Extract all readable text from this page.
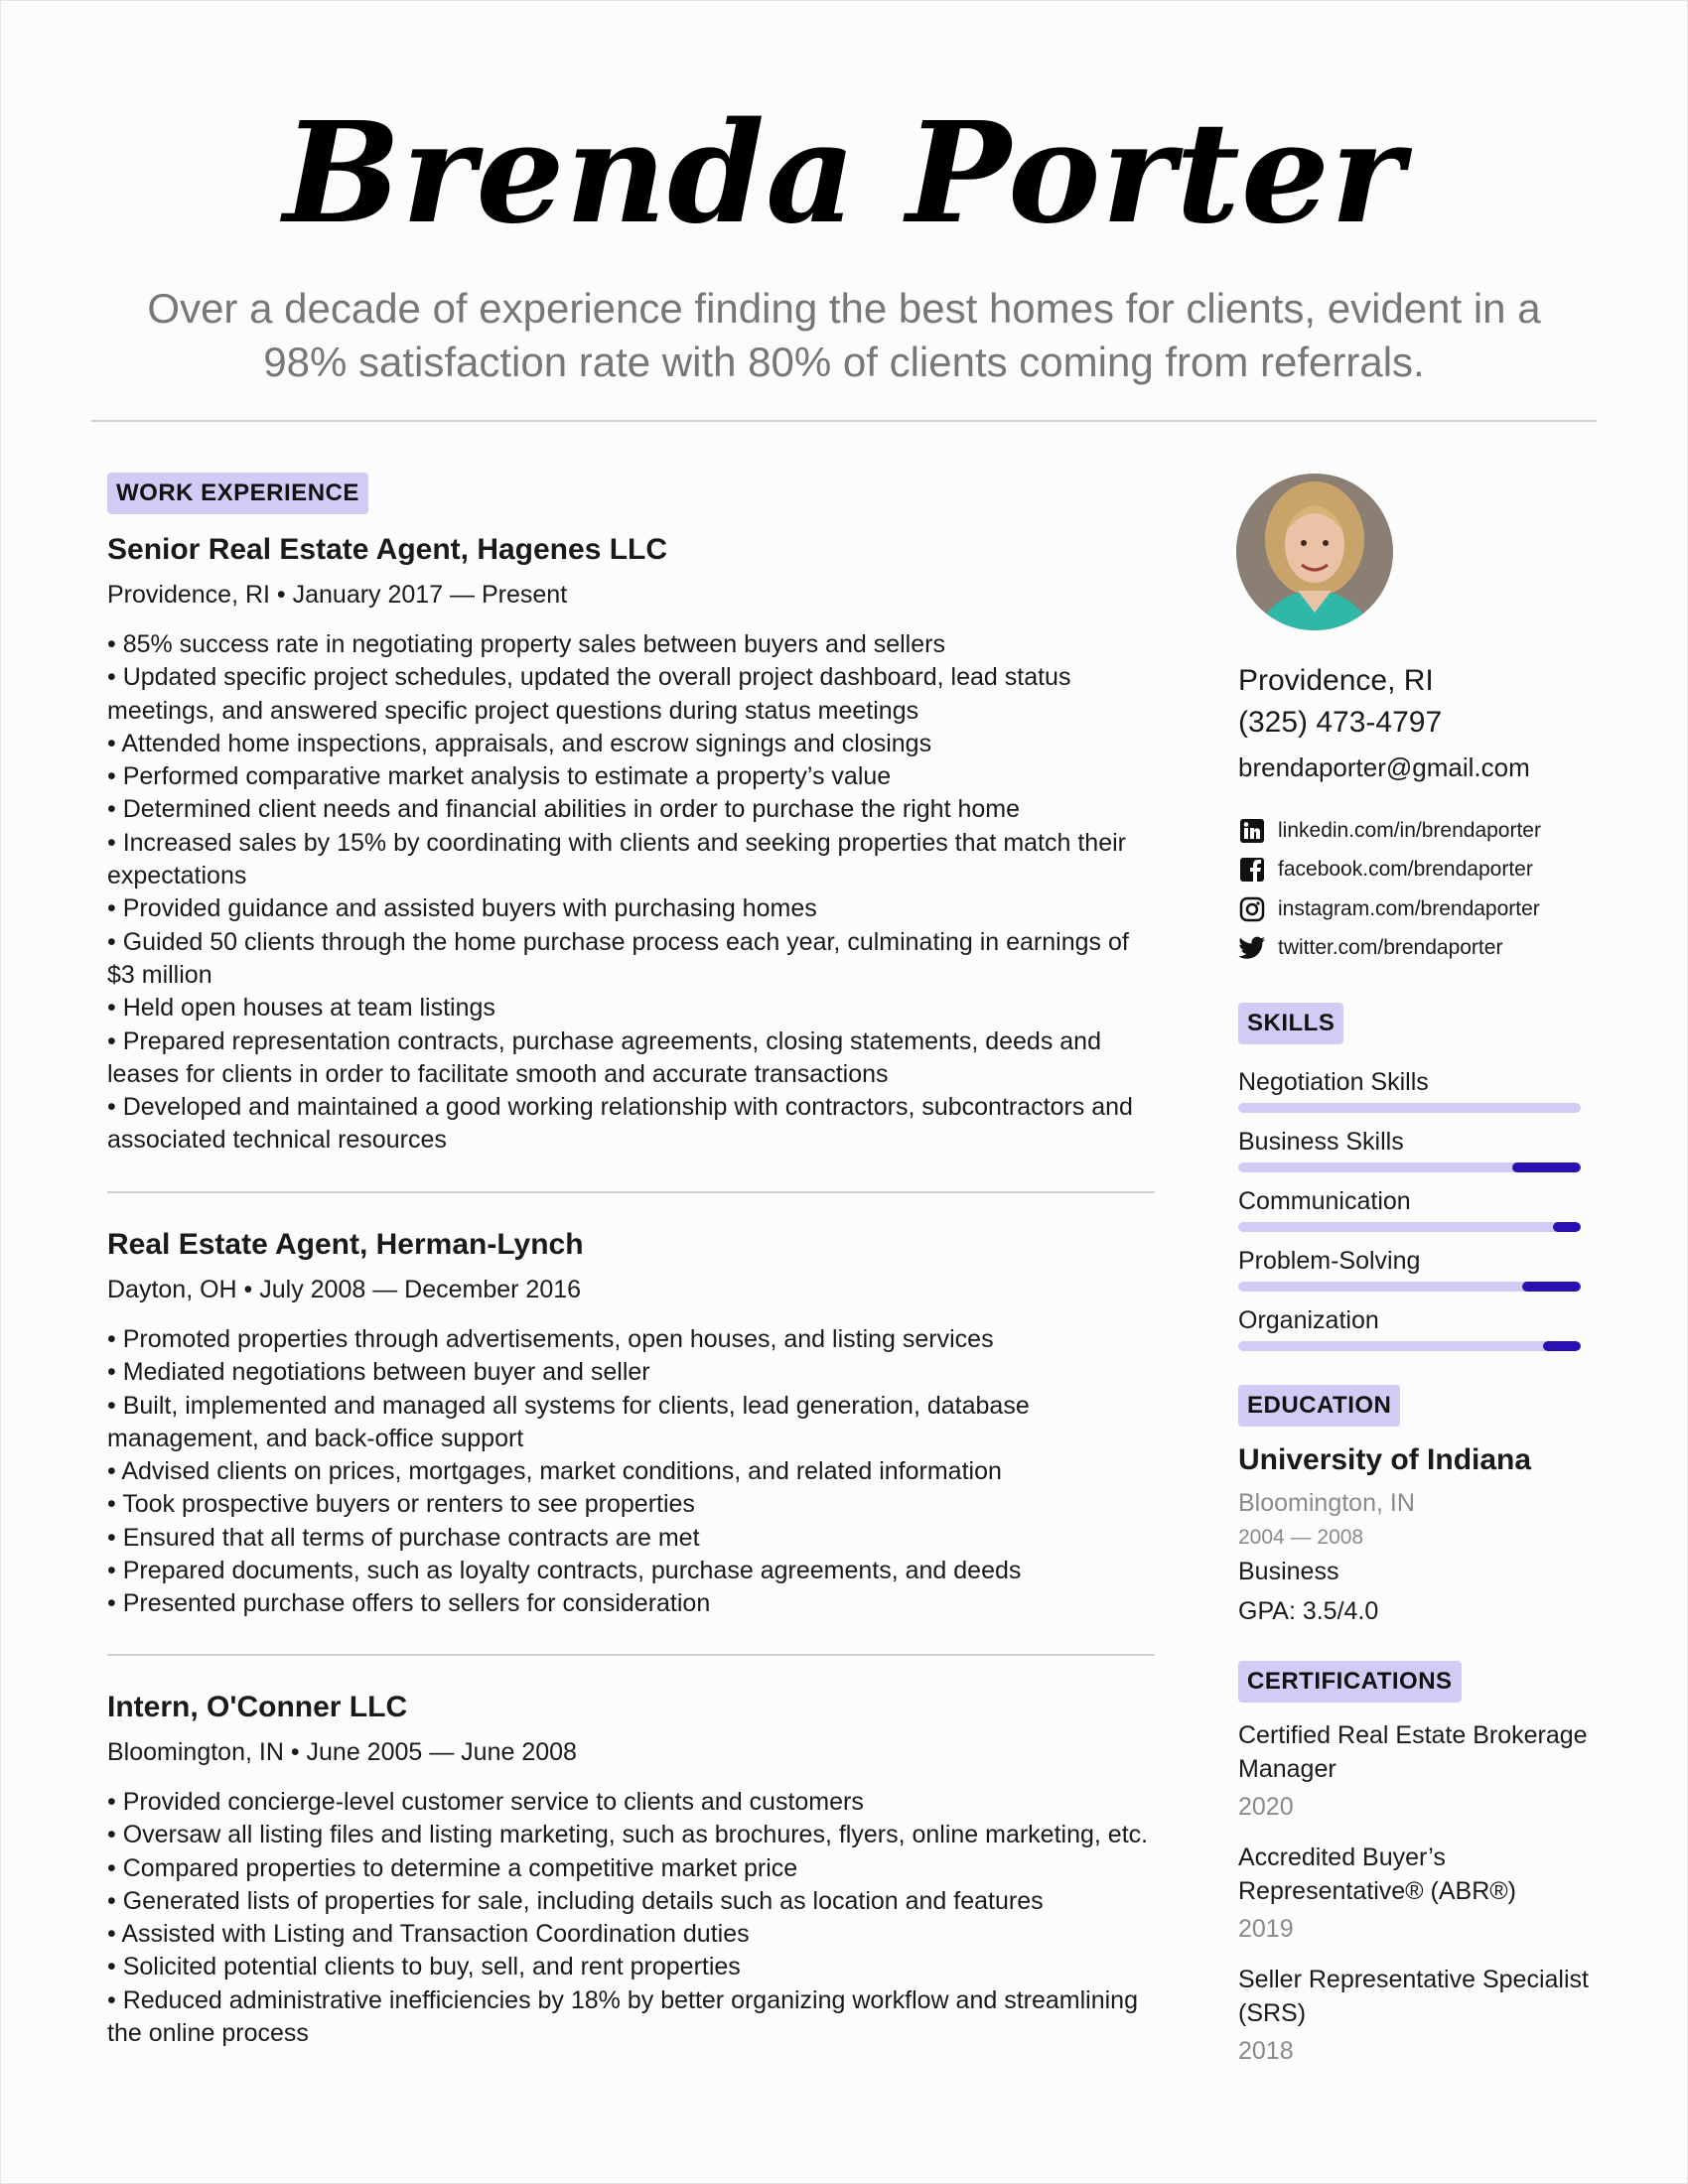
Brenda Porter
Over a decade of experience finding the best homes for clients, evident in a 98% satisfaction rate with 80% of clients coming from referrals.
WORK EXPERIENCE
Senior Real Estate Agent, Hagenes LLC
Providence, RI • January 2017 — Present
• 85% success rate in negotiating property sales between buyers and sellers
• Updated specific project schedules, updated the overall project dashboard, lead status meetings, and answered specific project questions during status meetings
• Attended home inspections, appraisals, and escrow signings and closings
• Performed comparative market analysis to estimate a property’s value
• Determined client needs and financial abilities in order to purchase the right home
• Increased sales by 15% by coordinating with clients and seeking properties that match their expectations
• Provided guidance and assisted buyers with purchasing homes
• Guided 50 clients through the home purchase process each year, culminating in earnings of $3 million
• Held open houses at team listings
• Prepared representation contracts, purchase agreements, closing statements, deeds and leases for clients in order to facilitate smooth and accurate transactions
• Developed and maintained a good working relationship with contractors, subcontractors and associated technical resources
Real Estate Agent, Herman-Lynch
Dayton, OH • July 2008 — December 2016
• Promoted properties through advertisements, open houses, and listing services
• Mediated negotiations between buyer and seller
• Built, implemented and managed all systems for clients, lead generation, database management, and back-office support
• Advised clients on prices, mortgages, market conditions, and related information
• Took prospective buyers or renters to see properties
• Ensured that all terms of purchase contracts are met
• Prepared documents, such as loyalty contracts, purchase agreements, and deeds
• Presented purchase offers to sellers for consideration
Intern, O'Conner LLC
Bloomington, IN • June 2005 — June 2008
• Provided concierge-level customer service to clients and customers
• Oversaw all listing files and listing marketing, such as brochures, flyers, online marketing, etc.
• Compared properties to determine a competitive market price
• Generated lists of properties for sale, including details such as location and features
• Assisted with Listing and Transaction Coordination duties
• Solicited potential clients to buy, sell, and rent properties
• Reduced administrative inefficiencies by 18% by better organizing workflow and streamlining the online process
Providence, RI
(325) 473-4797
brendaporter@gmail.com
linkedin.com/in/brendaporter
facebook.com/brendaporter
instagram.com/brendaporter
twitter.com/brendaporter
SKILLS
Negotiation Skills
Business Skills
Communication
Problem-Solving
Organization
EDUCATION
University of Indiana
Bloomington, IN
2004 — 2008
Business
GPA: 3.5/4.0
CERTIFICATIONS
Certified Real Estate Brokerage Manager
2020
Accredited Buyer’s Representative® (ABR®)
2019
Seller Representative Specialist (SRS)
2018
